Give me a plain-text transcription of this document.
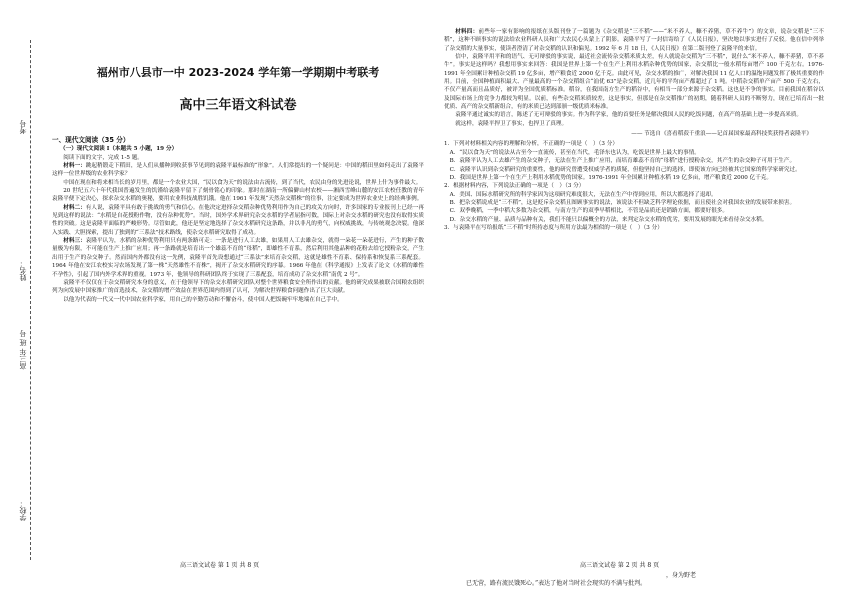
考号
姓名：
高三年 班 号
学校：
福州市八县市一中 2023-2024 学年第一学期期中考联考
高中三年语文科试卷
一、现代文阅读（35 分）
（一）现代文阅读 I（本题共 5 小题，19 分）

阅读下面的文字，完成 1-5 题。

材料一：跳起稍锻走下稻田，是人们从播种到收获事节见到的袁隆平最标准的“形象”。人们常提出的一个疑问是：中国的稻田里如何走出了袁隆平这样一位世界级的农业科学家？

中国在现在和将来相当长的岁月里，都是一个农业大国，“民以食为天”的说法由古流传，到了当代，农民由身的先进论说，世界上什为事件最大。

20 世纪五六十年代我国普遍发生的饥馑给袁隆平留下了刻骨铭心的印象。那时在湖南一所偏僻山村农校——湘西雪峰山麓的安江农校任教的青年袁隆平便下定决心，探求杂交水稻的奥秘，要用农业科技战胜饥饿。他在 1961 年发现“天然杂交稻株”的往事，注定要成为世界农业史上的经典事例。

材料二：有人说，袁隆平具有敢于挑战的勇气和信心。在他决定进择杂交稻杂种优势利用作为自己的攻关方向时，许多国家的专业报刊上已经一再见到这样的说法：“水稻是自花授粉作物，没有杂种优势”。当时，国外学术界研究杂交水稻的学者屈指可数，国际上对杂交水稻的研究也没有取得实质性的突破。这是袁隆平面临的严峻形势。尽管如此，他还是坚定地选择了杂交水稻研究这条路，并以非凡的勇气，向权威挑战，与传统观念决裂。他深入实践、大胆探索，提出了独到的“三系法”技术路线，使杂交水稻研究取得了成功。

材料三：袁隆平认为，水稻的杂种优势利用只有两条路可走：一条是进行人工去雄，如果用人工去雄杂交，就得一朵花一朵花进行，产生的种子数量极为有限，不可能在生产上推广应用；再一条路就是培育出一个雄蕊不育的“母稻”，即雄性不育系，然后利用其他品种的花粉去给它授粉杂交，产生出用于生产的杂交种子。然而国内外都没有这一先例，袁隆平首先设想通过“三系法”来培育杂交稻，这就是雄性不育系、保持系和恢复系三系配套。1964 年他在安江农校实习农场发现了第一株“天然雄性不育株”，揭开了杂交水稻研究的序幕。1966 年他在《科学通报》上发表了论文《水稻的雄性不孕性》，引起了国内外学术界的重视。1973 年，他领导的科研团队终于实现了三系配套，培育成功了杂交水稻“南优 2 号”。

袁隆平不仅仅在于杂交稻研究本身的意义，在于他领导下的杂交水稻研究团队对整个世界粮食安全所作出的贡献。他的研究成果被联合国粮农组织列为向发展中国家推广的首选技术，杂交稻的增产效益在世界范围内得到了认可，为解决世界粮食问题作出了巨大贡献。

以他为代表的一代又一代中国农业科学家，用自己的辛勤劳动和不懈奋斗，使中国人把饭碗牢牢地端在自己手中。

材料四：前些年一家有影响的报纸在头版刊登了一篇题为《杂交稻是“三不稻”——“米不养人，糠不养猪，草不养牛”》的文章，说杂交稻是“三不稻”，这种不顾事实的说法给农业科研人员和广大农民心头蒙上了阴影。袁隆平写了一封信寄给了《人民日报》，坚决地以事实进行了反驳。他在信中列举了杂交稻的大量事实，使读者澄清了对杂交稻的认识和偏见。1992 年 6 月 18 日，《人民日报》在第二版刊登了袁隆平的来信。

信中，袁隆平用平和的语气、无可辩驳的事实说，最近社会流传杂交稻米质太差，有人就说杂交稻为“三不稻”，说什么“米不养人，糠不养猪，草不养牛”。事实是这样吗？我想用事实来回答：我国是世界上第一个在生产上利用水稻杂种优势的国家，杂交稻比一般水稻每亩增产 100 千克左右。1976-1991 年全国累计种植杂交稻 19 亿多亩，增产粮食近 2000 亿千克。由此可见，杂交水稻的推广，对解决我国 11 亿人口的温饱问题发挥了极其重要的作用。目前，全国种植面积最大、产量最高的一个杂交稻组合“汕优 63”是杂交稻，近几年的平均亩产都超过了 1 吨。中稻杂交稻单产亩产 500 千克左右，不仅产量高而且品质好，被评为全国优质稻标准。稻谷，在我国南方生产的稻谷中，有相当一部分来源于杂交稻。这也是不争的事实。目前我国在稻谷以及国际市场上的竞争力都较为明显。以前，有些杂交稻米质较差，这是事实，但那是在杂交稻推广的初期，随着科研人员的不断努力，现在已培育出一批优质、高产的杂交稻新组合，有的米质已达到部颁一级优质米标准。

袁隆平通过诚实的语言，陈述了无可辩驳的事实。作为科学家，他的首要任务是解决我国人民的吃饭问题，在高产的基础上进一步提高米质。

就这样，袁隆平捍卫了事实，也捍卫了真理。

—— 节选自《喜看稻菽千重浪——记首届国家最高科技奖获得者袁隆平》

1．下列对材料相关内容的理解和分析，不正确的一项是（　）（3 分）

A．“民以食为天”的说法从古至今一直流传，甚至在当代，毛泽东也认为，吃饭是世界上最大的事情。

B．袁隆平认为人工去雄产生的杂交种子，无法在生产上推广应用，而培育雄蕊不育的“母稻”进行授粉杂交，其产生的杂交种子可用于生产。

C．袁隆平认识到杂交稻研究的重要性，他的研究曾遭受权威学者的质疑，但他坚持自己的选择，即使该方向已经被其它国家的科学家研究过。

D．我国是世界上第一个在生产上利用水稻优势的国家。1976-1991 年全国累计种植水稻 19 亿多亩，增产粮食近 2000 亿千克。

2．根据材料内容，下列说法正确的一项是（　）（3 分）

A．美国、国际水稻研究所的科学家因为这项研究难度很大，无法在生产中得到应用，所以大都选择了退却。

B．把杂交稻说成是“三不稻”，这是贬斥杂交稻且图顾事实的说法，该说法不但缺乏科学理论依据，而且使社会对我国农业的发展带来损害。

C．双季晚稻，一季中稻大多数为杂交稻，与南方生产的双季早稻相比，不管是品质还是销路方面，都要好很多。

D．杂交水稻的产量、品质与品种有关，我们不能只以偏概全的方法，来判定杂交水稻的优劣，要用发展的眼光来看待杂交水稻。

3．与袁隆平在写给报纸“三不稻”时所持态度与所用方法最为相似的一项是（　）（3 分）

高三语文试卷 第 1 页 共 8 页	高三语文试卷 第 2 页 共 8 页
，身为野老
已无营，路有流民饿死心。”表达了他对当时社会现实的不满与批判。
